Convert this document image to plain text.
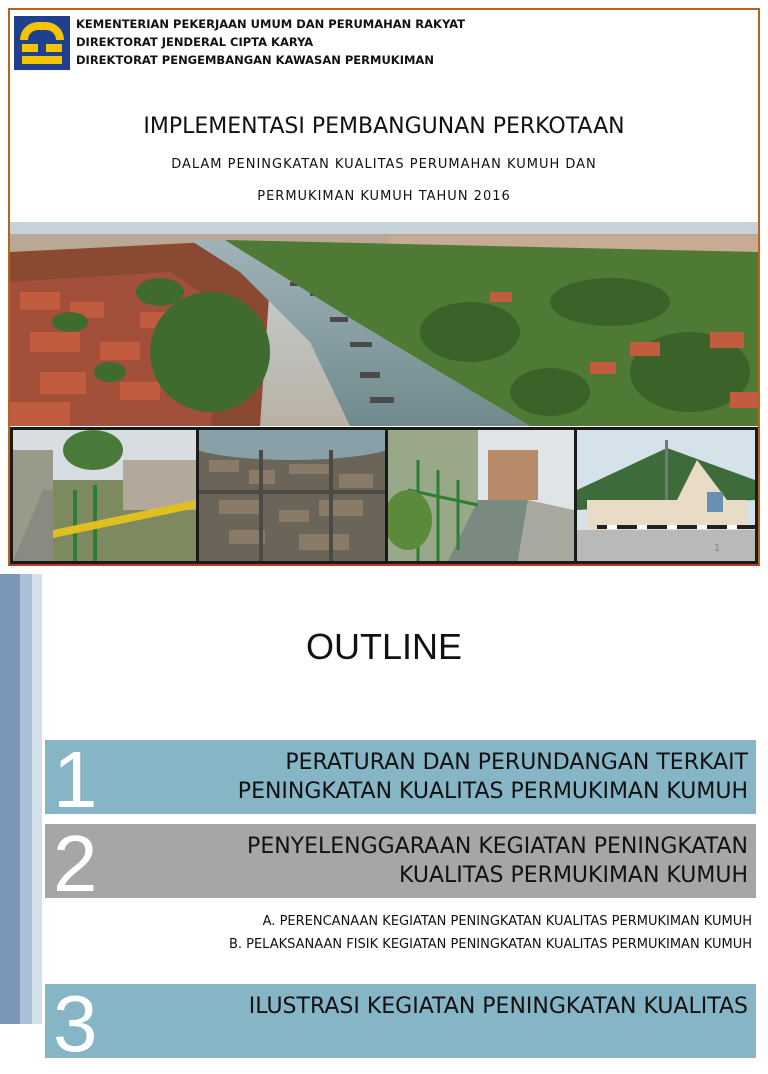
KEMENTERIAN PEKERJAAN UMUM DAN PERUMAHAN RAKYAT
DIREKTORAT JENDERAL CIPTA KARYA
DIREKTORAT PENGEMBANGAN KAWASAN PERMUKIMAN
IMPLEMENTASI PEMBANGUNAN PERKOTAAN
DALAM PENINGKATAN KUALITAS PERUMAHAN KUMUH DAN
PERMUKIMAN KUMUH TAHUN 2016
1
OUTLINE
1	PERATURAN DAN PERUNDANGAN TERKAIT
PENINGKATAN KUALITAS PERMUKIMAN KUMUH
2	PENYELENGGARAAN KEGIATAN PENINGKATAN
KUALITAS PERMUKIMAN KUMUH
A. PERENCANAAN KEGIATAN PENINGKATAN KUALITAS PERMUKIMAN KUMUH
B. PELAKSANAAN FISIK KEGIATAN PENINGKATAN KUALITAS PERMUKIMAN KUMUH
3	ILUSTRASI KEGIATAN PENINGKATAN KUALITAS
